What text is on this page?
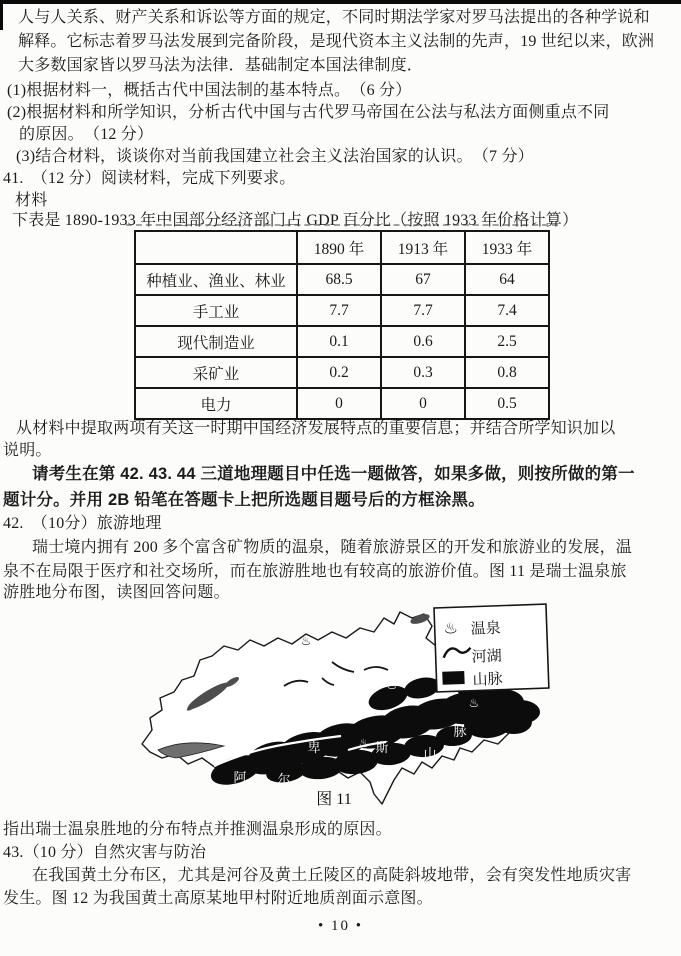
人与人关系、财产关系和诉讼等方面的规定，不同时期法学家对罗马法提出的各种学说和
解释。它标志着罗马法发展到完备阶段，是现代资本主义法制的先声，19 世纪以来，欧洲
大多数国家皆以罗马法为法律．基础制定本国法律制度．
(1)根据材料一，概括古代中国法制的基本特点。　（6 分）
(2)根据材料和所学知识，分析古代中国与古代罗马帝国在公法与私法方面侧重点不同
的原因。　（12 分）
(3)结合材料，谈谈你对当前我国建立社会主义法治国家的认识。　（7 分）
41.　（12 分）阅读材料，完成下列要求。
材料
下表是 1890-1933 年中国部分经济部门占 GDP 百分比（按照 1933 年价格计算）
	1890 年	1913 年	1933 年
种植业、渔业、林业	68.5	67	64
手工业	7.7	7.7	7.4
现代制造业	0.1	0.6	2.5
采矿业	0.2	0.3	0.8
电力	0	0	0.5
从材料中提取两项有关这一时期中国经济发展特点的重要信息；并结合所学知识加以
说明。
请考生在第 42. 43. 44 三道地理题目中任选一题做答，如果多做，则按所做的第一
题计分。并用 2B 铅笔在答题卡上把所选题目题号后的方框涂黑。
42.　（10分）旅游地理
瑞士境内拥有 200 多个富含矿物质的温泉，随着旅游景区的开发和旅游业的发展，温
泉不在局限于医疗和社交场所，而在旅游胜地也有较高的旅游价值。图 11 是瑞士温泉旅
游胜地分布图，读图回答问题。
♨
♨
♨
♨
♨
♨
阿 尔
卑	斯	山
脉
♨ 温泉
河湖
山脉
图 11
指出瑞士温泉胜地的分布特点并推测温泉形成的原因。
43.（10 分）自然灾害与防治
在我国黄土分布区，尤其是河谷及黄土丘陵区的高陡斜坡地带，会有突发性地质灾害
发生。图 12 为我国黄土高原某地甲村附近地质剖面示意图。
• 10 •
